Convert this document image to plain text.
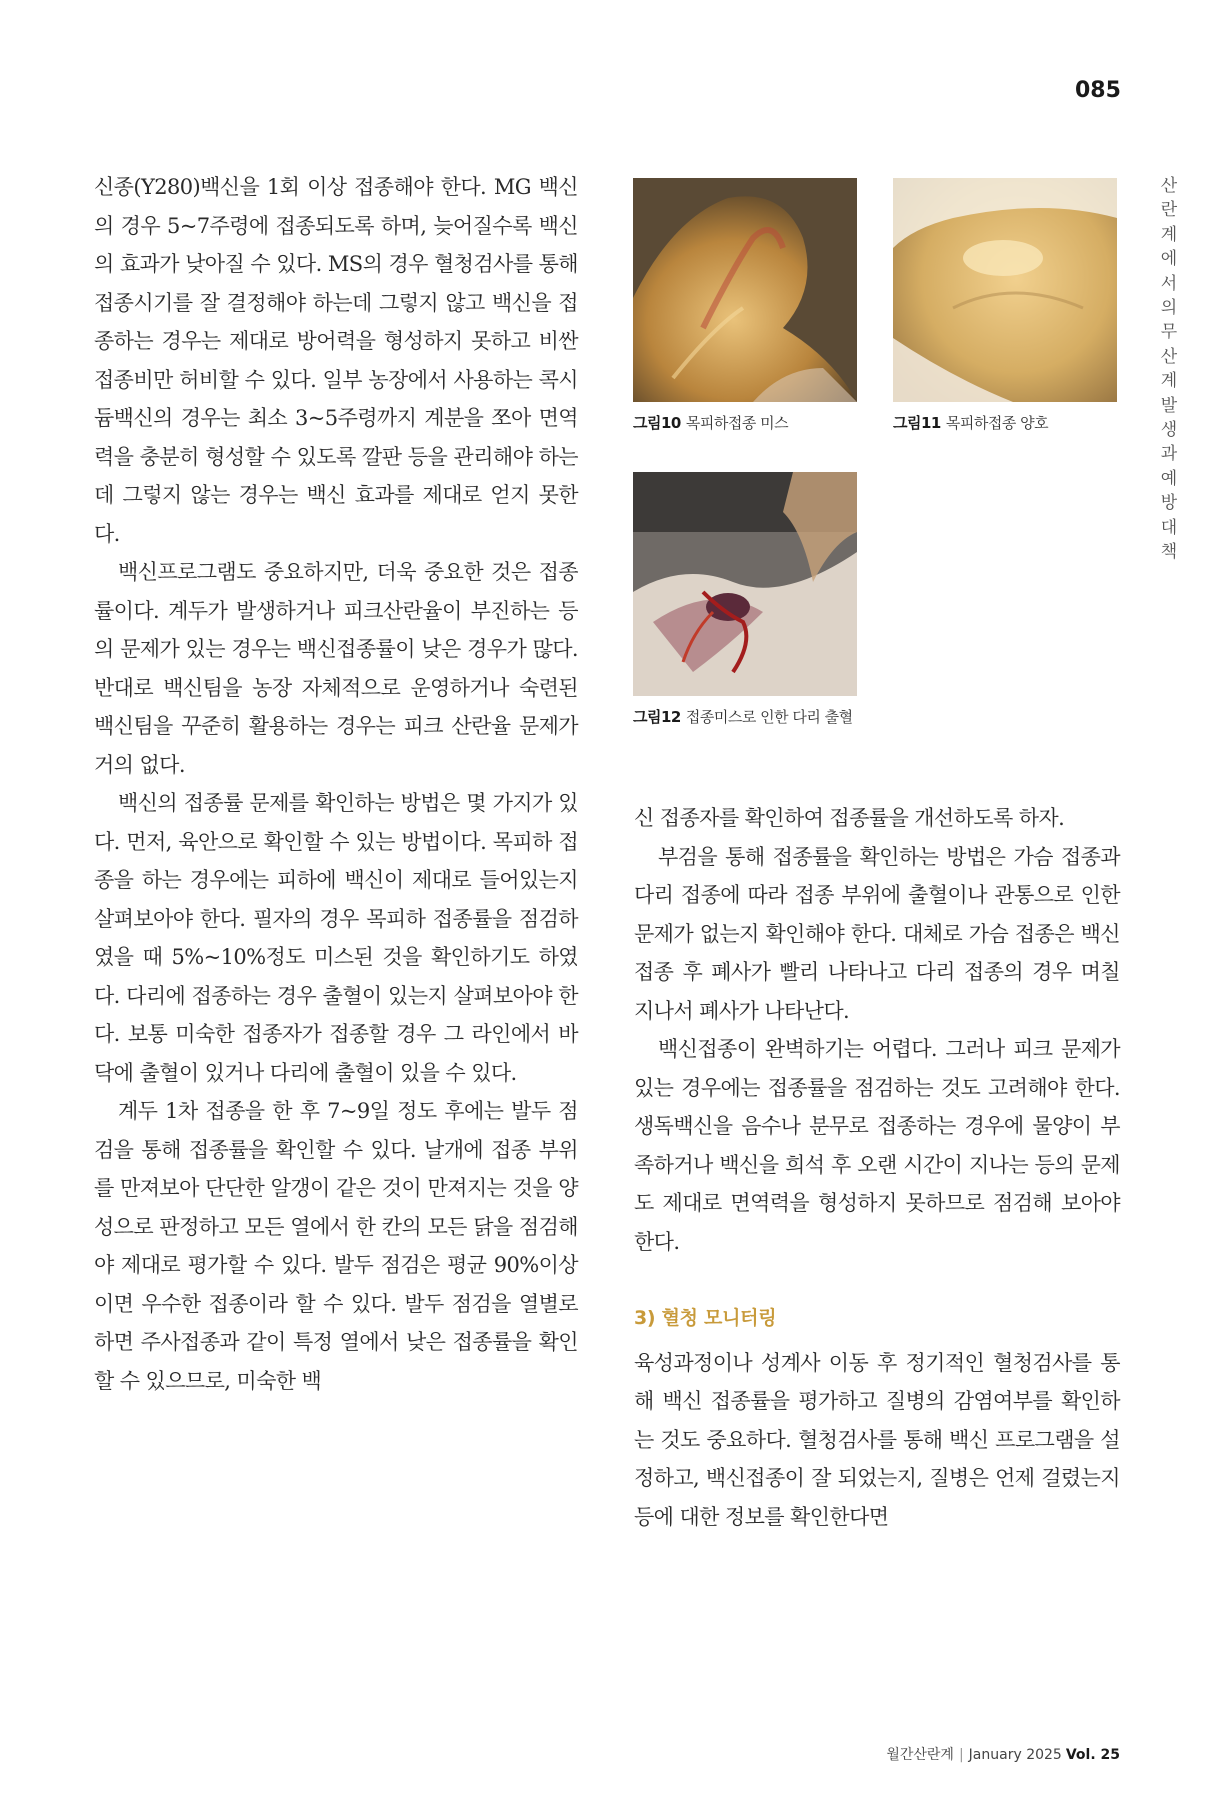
085
산란계에서의 무산계 발생과 예방대책

신종(Y280)백신을 1회 이상 접종해야 한다. MG 백신의 경우 5~7주령에 접종되도록 하며, 늦어질수록 백신의 효과가 낮아질 수 있다. MS의 경우 혈청검사를 통해 접종시기를 잘 결정해야 하는데 그렇지 않고 백신을 접종하는 경우는 제대로 방어력을 형성하지 못하고 비싼 접종비만 허비할 수 있다. 일부 농장에서 사용하는 콕시듐백신의 경우는 최소 3~5주령까지 계분을 쪼아 면역력을 충분히 형성할 수 있도록 깔판 등을 관리해야 하는데 그렇지 않는 경우는 백신 효과를 제대로 얻지 못한다.

백신프로그램도 중요하지만, 더욱 중요한 것은 접종률이다. 계두가 발생하거나 피크산란율이 부진하는 등의 문제가 있는 경우는 백신접종률이 낮은 경우가 많다. 반대로 백신팀을 농장 자체적으로 운영하거나 숙련된 백신팀을 꾸준히 활용하는 경우는 피크 산란율 문제가 거의 없다.

백신의 접종률 문제를 확인하는 방법은 몇 가지가 있다. 먼저, 육안으로 확인할 수 있는 방법이다. 목피하 접종을 하는 경우에는 피하에 백신이 제대로 들어있는지 살펴보아야 한다. 필자의 경우 목피하 접종률을 점검하였을 때 5%~10%정도 미스된 것을 확인하기도 하였다. 다리에 접종하는 경우 출혈이 있는지 살펴보아야 한다. 보통 미숙한 접종자가 접종할 경우 그 라인에서 바닥에 출혈이 있거나 다리에 출혈이 있을 수 있다.

계두 1차 접종을 한 후 7~9일 정도 후에는 발두 점검을 통해 접종률을 확인할 수 있다. 날개에 접종 부위를 만져보아 단단한 알갱이 같은 것이 만져지는 것을 양성으로 판정하고 모든 열에서 한 칸의 모든 닭을 점검해야 제대로 평가할 수 있다. 발두 점검은 평균 90%이상이면 우수한 접종이라 할 수 있다. 발두 점검을 열별로 하면 주사접종과 같이 특정 열에서 낮은 접종률을 확인할 수 있으므로, 미숙한 백

그림10 목피하접종 미스	그림11 목피하접종 양호
그림12 접종미스로 인한 다리 출혈

신 접종자를 확인하여 접종률을 개선하도록 하자.

부검을 통해 접종률을 확인하는 방법은 가슴 접종과 다리 접종에 따라 접종 부위에 출혈이나 관통으로 인한 문제가 없는지 확인해야 한다. 대체로 가슴 접종은 백신 접종 후 폐사가 빨리 나타나고 다리 접종의 경우 며칠 지나서 폐사가 나타난다.

백신접종이 완벽하기는 어렵다. 그러나 피크 문제가 있는 경우에는 접종률을 점검하는 것도 고려해야 한다. 생독백신을 음수나 분무로 접종하는 경우에 물양이 부족하거나 백신을 희석 후 오랜 시간이 지나는 등의 문제도 제대로 면역력을 형성하지 못하므로 점검해 보아야 한다.

3) 혈청 모니터링

육성과정이나 성계사 이동 후 정기적인 혈청검사를 통해 백신 접종률을 평가하고 질병의 감염여부를 확인하는 것도 중요하다. 혈청검사를 통해 백신 프로그램을 설정하고, 백신접종이 잘 되었는지, 질병은 언제 걸렸는지 등에 대한 정보를 확인한다면

월간산란계 | January 2025 Vol. 25
